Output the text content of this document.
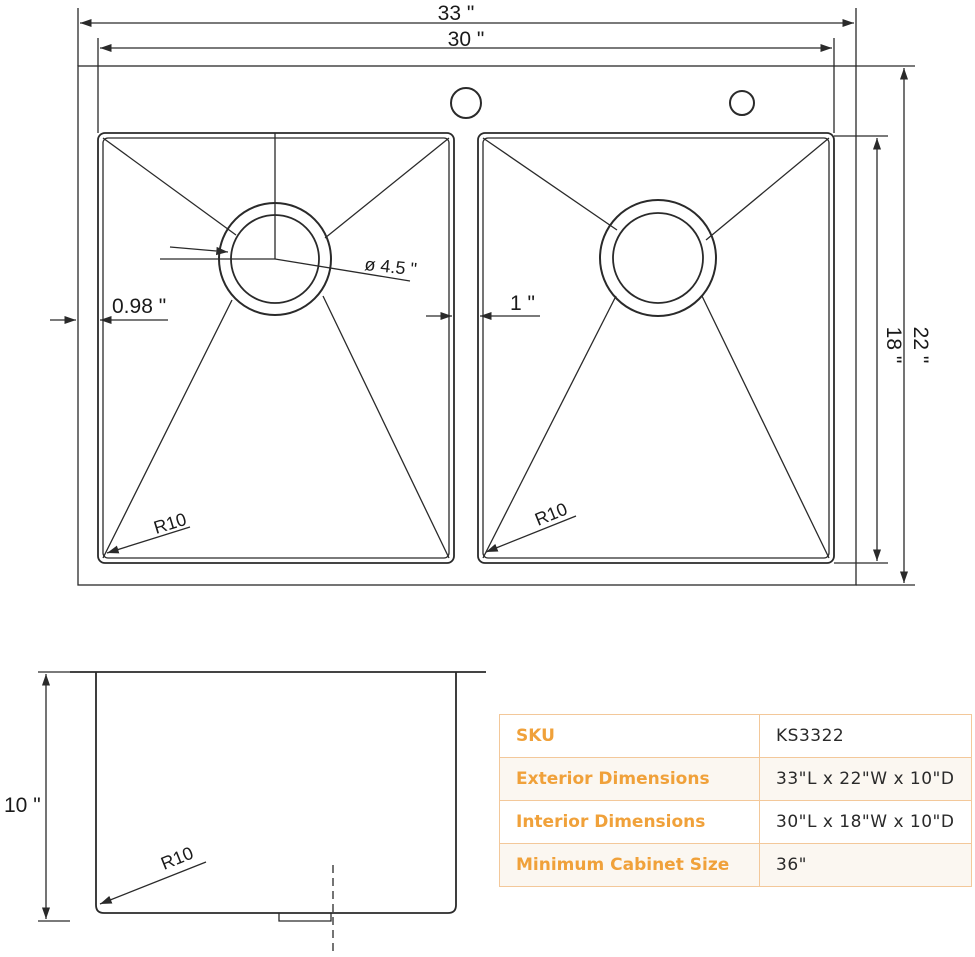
33 "
30 "
22 "
18 "
ø 4.5 "
0.98 "	1 "
R10	R10
10 "
R10
SKU	KS3322
Exterior Dimensions	33"L x 22"W x 10"D
Interior Dimensions	30"L x 18"W x 10"D
Minimum Cabinet Size	36"
